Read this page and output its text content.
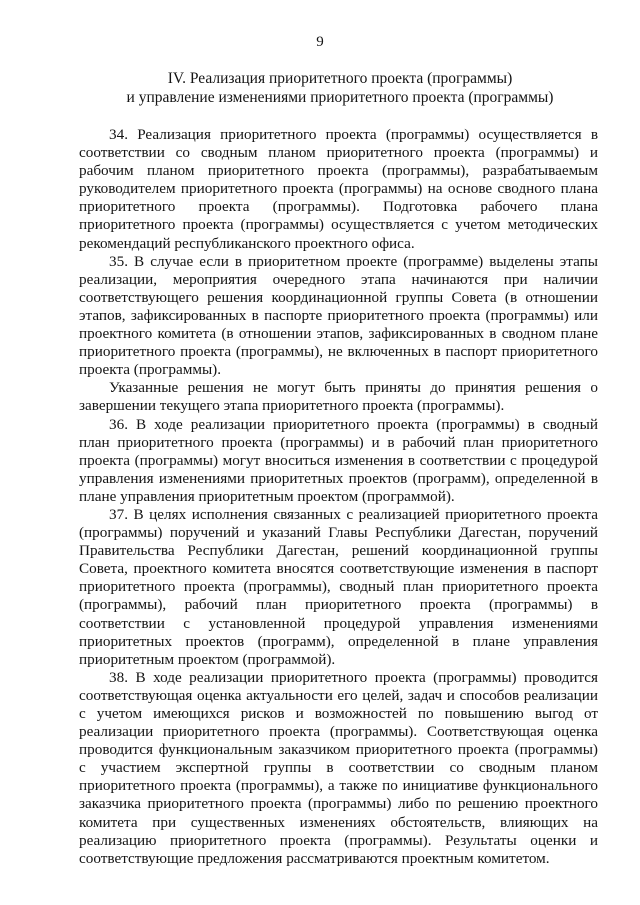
9
IV. Реализация приоритетного проекта (программы)
и управление изменениями приоритетного проекта (программы)

34. Реализация приоритетного проекта (программы) осуществляется в соответствии со сводным планом приоритетного проекта (программы) и рабочим планом приоритетного проекта (программы), разрабатываемым руководителем приоритетного проекта (программы) на основе сводного плана приоритетного проекта (программы). Подготовка рабочего плана приоритетного проекта (программы) осуществляется с учетом методических рекомендаций республиканского проектного офиса.

35. В случае если в приоритетном проекте (программе) выделены этапы реализации, мероприятия очередного этапа начинаются при наличии соответствующего решения координационной группы Совета (в отношении этапов, зафиксированных в паспорте приоритетного проекта (программы) или проектного комитета (в отношении этапов, зафиксированных в сводном плане приоритетного проекта (программы), не включенных в паспорт приоритетного проекта (программы).

Указанные решения не могут быть приняты до принятия решения о завершении текущего этапа приоритетного проекта (программы).

36. В ходе реализации приоритетного проекта (программы) в сводный план приоритетного проекта (программы) и в рабочий план приоритетного проекта (программы) могут вноситься изменения в соответствии с процедурой управления изменениями приоритетных проектов (программ), определенной в плане управления приоритетным проектом (программой).

37. В целях исполнения связанных с реализацией приоритетного проекта (программы) поручений и указаний Главы Республики Дагестан, поручений Правительства Республики Дагестан, решений координационной группы Совета, проектного комитета вносятся соответствующие изменения в паспорт приоритетного проекта (программы), сводный план приоритетного проекта (программы), рабочий план приоритетного проекта (программы) в соответствии с установленной процедурой управления изменениями приоритетных проектов (программ), определенной в плане управления приоритетным проектом (программой).

38. В ходе реализации приоритетного проекта (программы) проводится соответствующая оценка актуальности его целей, задач и способов реализации с учетом имеющихся рисков и возможностей по повышению выгод от реализации приоритетного проекта (программы). Соответствующая оценка проводится функциональным заказчиком приоритетного проекта (программы) с участием экспертной группы в соответствии со сводным планом приоритетного проекта (программы), а также по инициативе функционального заказчика приоритетного проекта (программы) либо по решению проектного комитета при существенных изменениях обстоятельств, влияющих на реализацию приоритетного проекта (программы). Результаты оценки и соответствующие предложения рассматриваются проектным комитетом.
